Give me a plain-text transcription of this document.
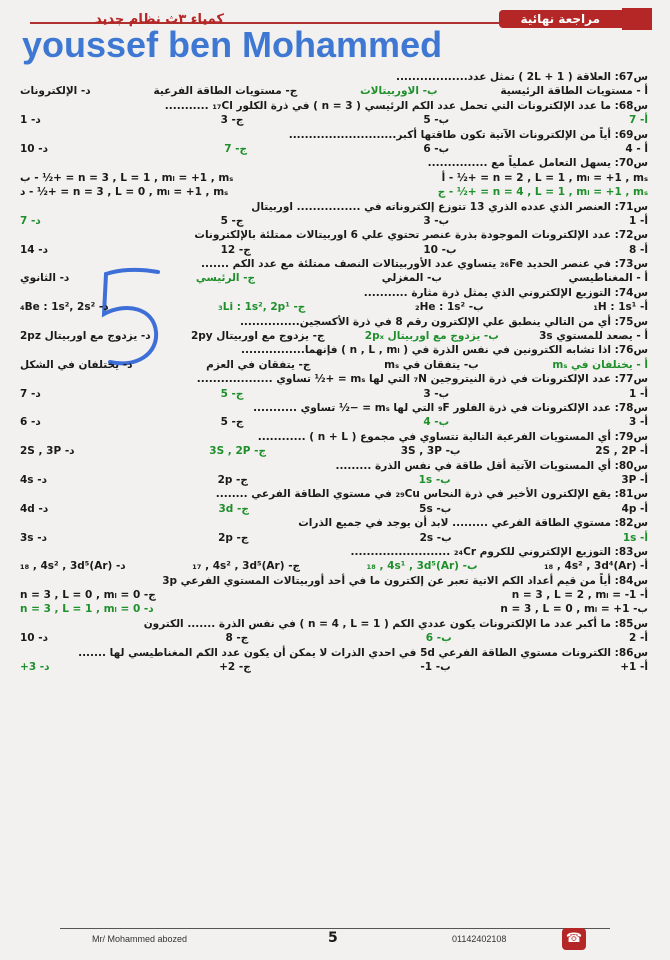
مراجعة نهائية
كمياء ٣ث نظام جديد
youssef ben Mohammed
س67: العلاقة ( 2L + 1 ) تمثل عدد..................
أ - مستويات الطاقة الرئيسية
ب- الاوربيتالات
ج- مستويات الطاقة الفرعية
د- الإلكترونات
س68: ما عدد الإلكترونات التي تحمل عدد الكم الرئيسي ( n = 3 ) في ذرة الكلور ₁₇Cl ...........
أ- 7
ب- 5
ج- 3
د- 1
س69: أياً من الإلكترونات الآتية تكون طاقتها أكبر...........................
أ - 4
ب- 6
ج- 7
د- 10
س70: يسهل التعامل عملياً مع ...............
n = 2 , L = 1 , mₗ = +1 , mₛ = +½ - أ
n = 3 , L = 1 , mₗ = +1 , mₛ = +½ - ب
n = 4 , L = 1 , mₗ = +1 , mₛ = +½ - ج
n = 3 , L = 0 , mₗ = +1 , mₛ = +½ - د
س71: العنصر الذي عدده الذري 13 تتوزع إلكتروناته في ................ اوربيتال
أ- 1
ب- 3
ج- 5
د- 7
س72: عدد الإلكترونات الموجودة بذرة عنصر تحتوي علي 6 اوربيتالات ممتلئة بالإلكترونات
أ- 8
ب- 10
ج- 12
د- 14
س73: في عنصر الحديد ₂₆Fe يتساوي عدد الأوربيتالات النصف ممتلئة مع عدد الكم .......
أ - المغناطيسي
ب- المغزلي
ج- الرئيسي
د- الثانوي
س74: التوزيع الإلكتروني الذي يمثل ذرة مثارة ...........
أ- ₁H : 1s¹
ب- ₂He : 1s²
ج- ₃Li : 1s², 2p¹
د- ₄Be : 1s², 2s²
س75: أي من التالي ينطبق علي الإلكترون رقم 8 في ذرة الأكسجين...............
أ - يصعد للمستوي 3s
ب- يزدوج مع اوربيتال 2pₓ
ج- يزدوج مع اوربيتال 2py
د- يزدوج مع اوربيتال 2pz
س76: اذا تشابه الكترونين في نفس الذرة في ( n , L , mₗ ) فإنهما................
أ - يختلفان في mₛ
ب- يتفقان في mₛ
ج- يتفقان في العزم
د- يختلفان في الشكل
س77: عدد الإلكترونات في ذرة النيتروجين ₇N التي لها mₛ = +½ تساوي ...................
أ- 1
ب- 3
ج- 5
د- 7
س78: عدد الإلكترونات في ذرة الفلور ₉F التي لها mₛ = −½ تساوي ...........
أ- 3
ب- 4
ج- 5
د- 6
س79: أي المستويات الفرعية التالية تتساوي في مجموع ( n + L ) ............
أ- 2S , 2P
ب- 3S , 3P
ج- 3S , 2P
د- 2S , 3P
س80: أي المستويات الآتية أقل طاقة في نفس الذرة .........
أ- 3P
ب- 1s
ج- 2p
د- 4s
س81: يقع الإلكترون الأخير في ذرة النحاس ₂₉Cu في مستوي الطاقة الفرعي ........
أ- 4p
ب- 5s
ج- 3d
د- 4d
س82: مستوي الطاقة الفرعي ......... لابد أن يوجد في جميع الذرات
أ- 1s
ب- 2s
ج- 2p
د- 3s
س83: التوزيع الإلكتروني للكروم ₂₄Cr .........................
أ- (Ar)₁₈ , 4s² , 3d⁴
ب- (Ar)₁₈ , 4s¹ , 3d⁵
ج- (Ar)₁₇ , 4s² , 3d⁵
د- (Ar)₁₈ , 4s² , 3d⁵
س84: أياً من قيم أعداد الكم الاتية تعبر عن إلكترون ما في أحد أوربيتالات المستوي الفرعي 3p
أ- n = 3 , L = 2 , mₗ = -1
ج- n = 3 , L = 0 , mₗ = 0
ب- n = 3 , L = 0 , mₗ = +1
د- n = 3 , L = 1 , mₗ = 0
س85: ما أكبر عدد ما الإلكترونات يكون عددي الكم ( n = 4 , L = 1 ) في نفس الذرة ....... الكترون
أ- 2
ب- 6
ج- 8
د- 10
س86: الكترونات مستوي الطاقة الفرعي 5d في احدي الذرات لا يمكن أن يكون عدد الكم المغناطيسي لها .......
أ- 1+
ب- 1-
ج- 2+
د- 3+
Mr/ Mohammed abozed	5	01142402108	☎
